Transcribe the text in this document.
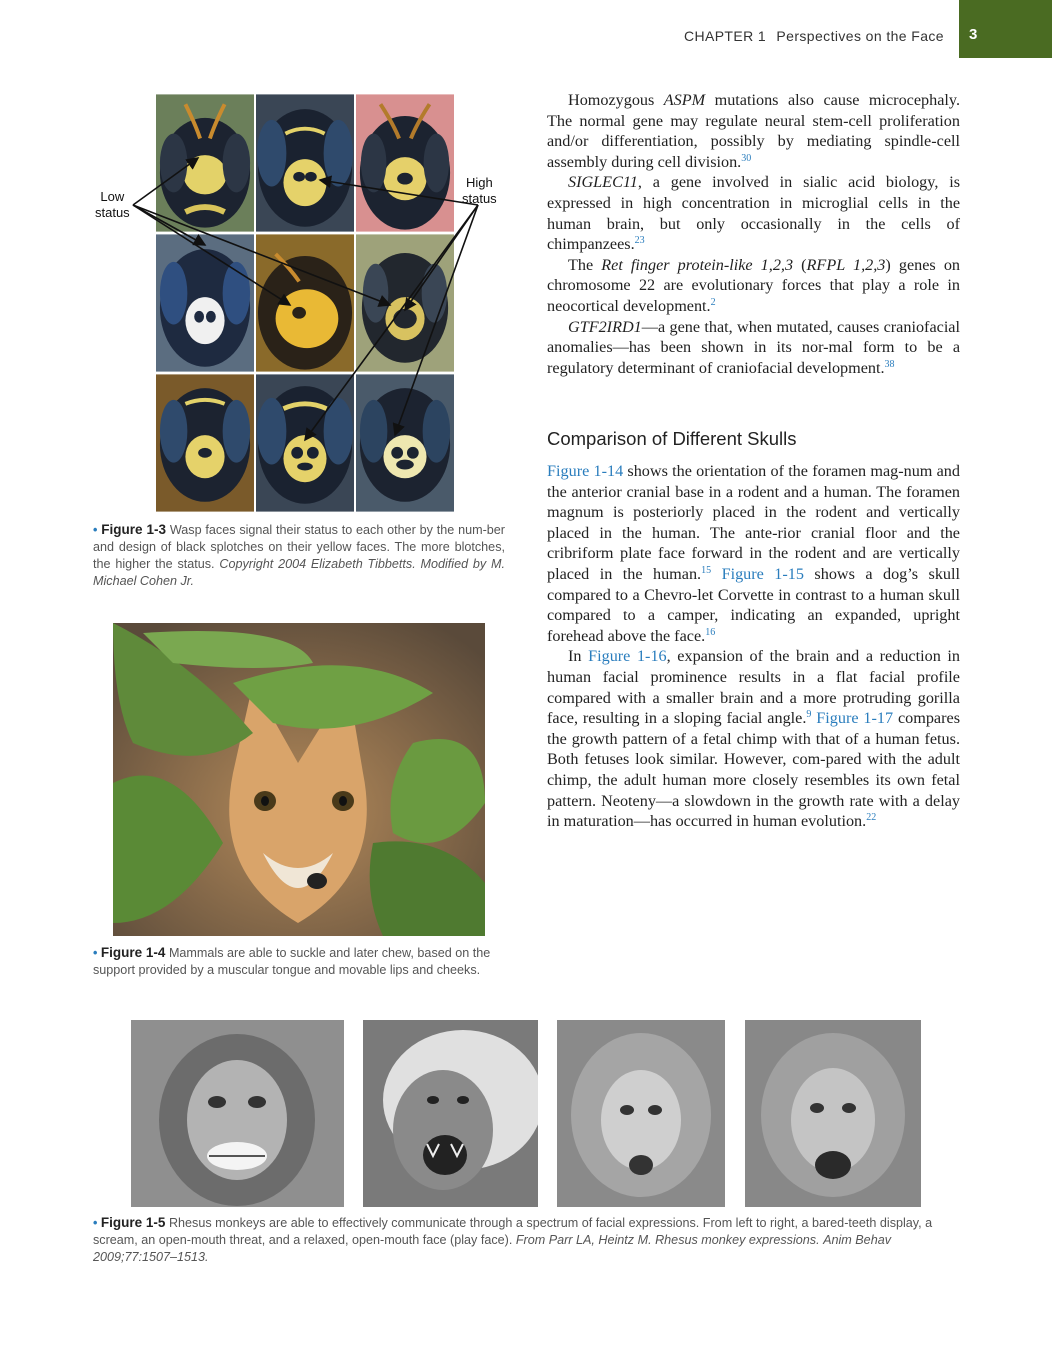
CHAPTER 1 Perspectives on the Face 3
Low
status
High
status
• Figure 1-3 Wasp faces signal their status to each other by the num-ber and design of black splotches on their yellow faces. The more blotches, the higher the status. Copyright 2004 Elizabeth Tibbetts. Modified by M. Michael Cohen Jr.
• Figure 1-4 Mammals are able to suckle and later chew, based on the support provided by a muscular tongue and movable lips and cheeks.
• Figure 1-5 Rhesus monkeys are able to effectively communicate through a spectrum of facial expressions. From left to right, a bared-teeth display, a scream, an open-mouth threat, and a relaxed, open-mouth face (play face). From Parr LA, Heintz M. Rhesus monkey expressions. Anim Behav 2009;77:1507–1513.

Homozygous ASPM mutations also cause microcephaly. The normal gene may regulate neural stem-cell proliferation and/or differentiation, possibly by mediating spindle-cell assembly during cell division.$^{30}$

SIGLEC11, a gene involved in sialic acid biology, is expressed in high concentration in microglial cells in the human brain, but only occasionally in the cells of chimpanzees.$^{23}$

The Ret finger protein-like 1,2,3 (RFPL 1,2,3) genes on chromosome 22 are evolutionary forces that play a role in neocortical development.$^2$

GTF2IRD1—a gene that, when mutated, causes craniofacial anomalies—has been shown in its nor-mal form to be a regulatory determinant of craniofacial development.$^{38}$

Comparison of Different Skulls

Figure 1-14 shows the orientation of the foramen mag-num and the anterior cranial base in a rodent and a human. The foramen magnum is posteriorly placed in the rodent and vertically placed in the human. The ante-rior cranial floor and the cribriform plate face forward in the rodent and are vertically placed in the human.$^{15}$ Figure 1-15 shows a dog’s skull compared to a Chevro-let Corvette in contrast to a human skull compared to a camper, indicating an expanded, upright forehead above the face.$^{16}$

In Figure 1-16, expansion of the brain and a reduction in human facial prominence results in a flat facial profile compared with a smaller brain and a more protruding gorilla face, resulting in a sloping facial angle.$^9$ Figure 1-17 compares the growth pattern of a fetal chimp with that of a human fetus. Both fetuses look similar. However, com-pared with the adult chimp, the adult human more closely resembles its own fetal pattern. Neoteny—a slowdown in the growth rate with a delay in maturation—has occurred in human evolution.$^{22}$
